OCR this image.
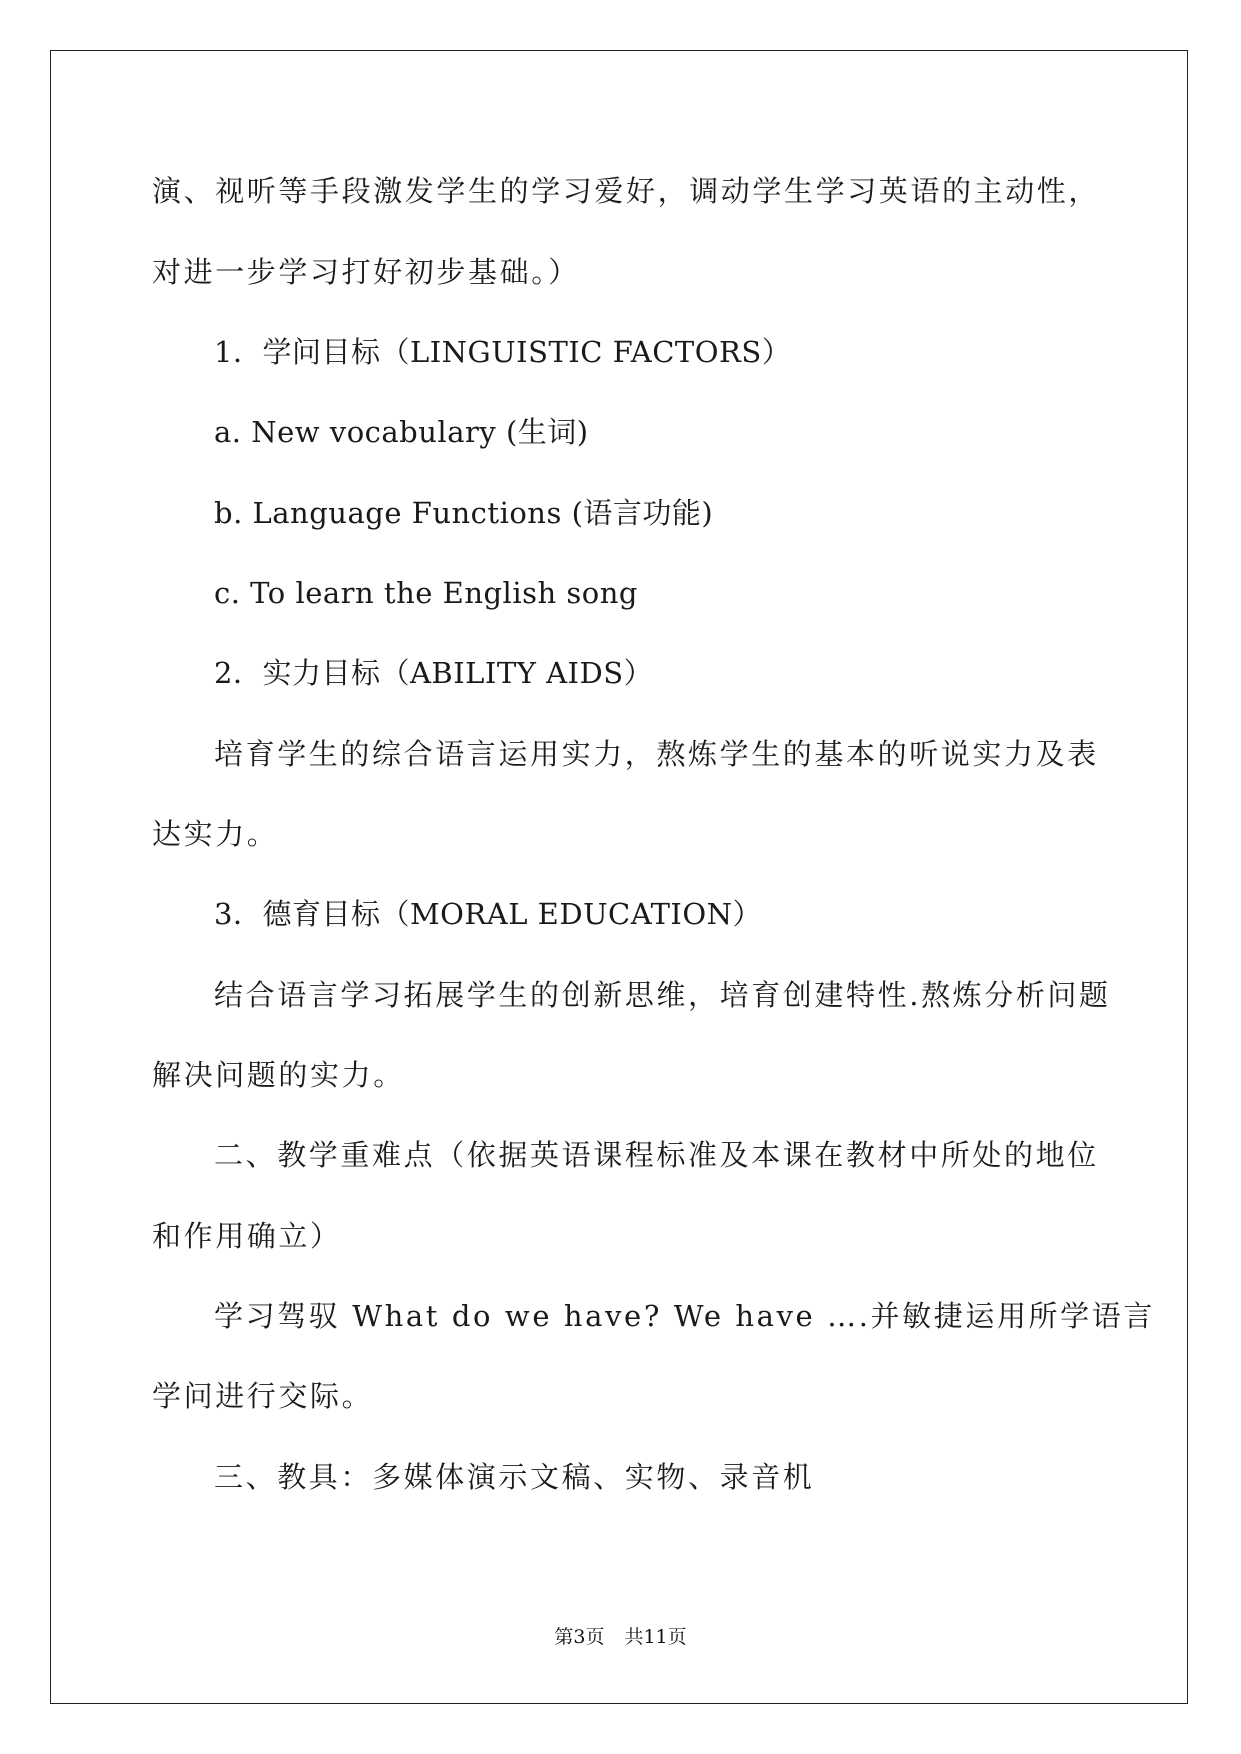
演、视听等手段激发学生的学习爱好，调动学生学习英语的主动性，

对进一步学习打好初步基础。）

1．学问目标（LINGUISTIC FACTORS）

a. New vocabulary (生词)

b. Language Functions (语言功能)

c. To learn the English song

2．实力目标（ABILITY AIDS）

培育学生的综合语言运用实力，熬炼学生的基本的听说实力及表

达实力。

3．德育目标（MORAL EDUCATION）

结合语言学习拓展学生的创新思维，培育创建特性.熬炼分析问题

解决问题的实力。

二、教学重难点（依据英语课程标准及本课在教材中所处的地位

和作用确立）

学习驾驭 What do we have? We have ….并敏捷运用所学语言

学问进行交际。

三、教具：多媒体演示文稿、实物、录音机

第3页 共11页
